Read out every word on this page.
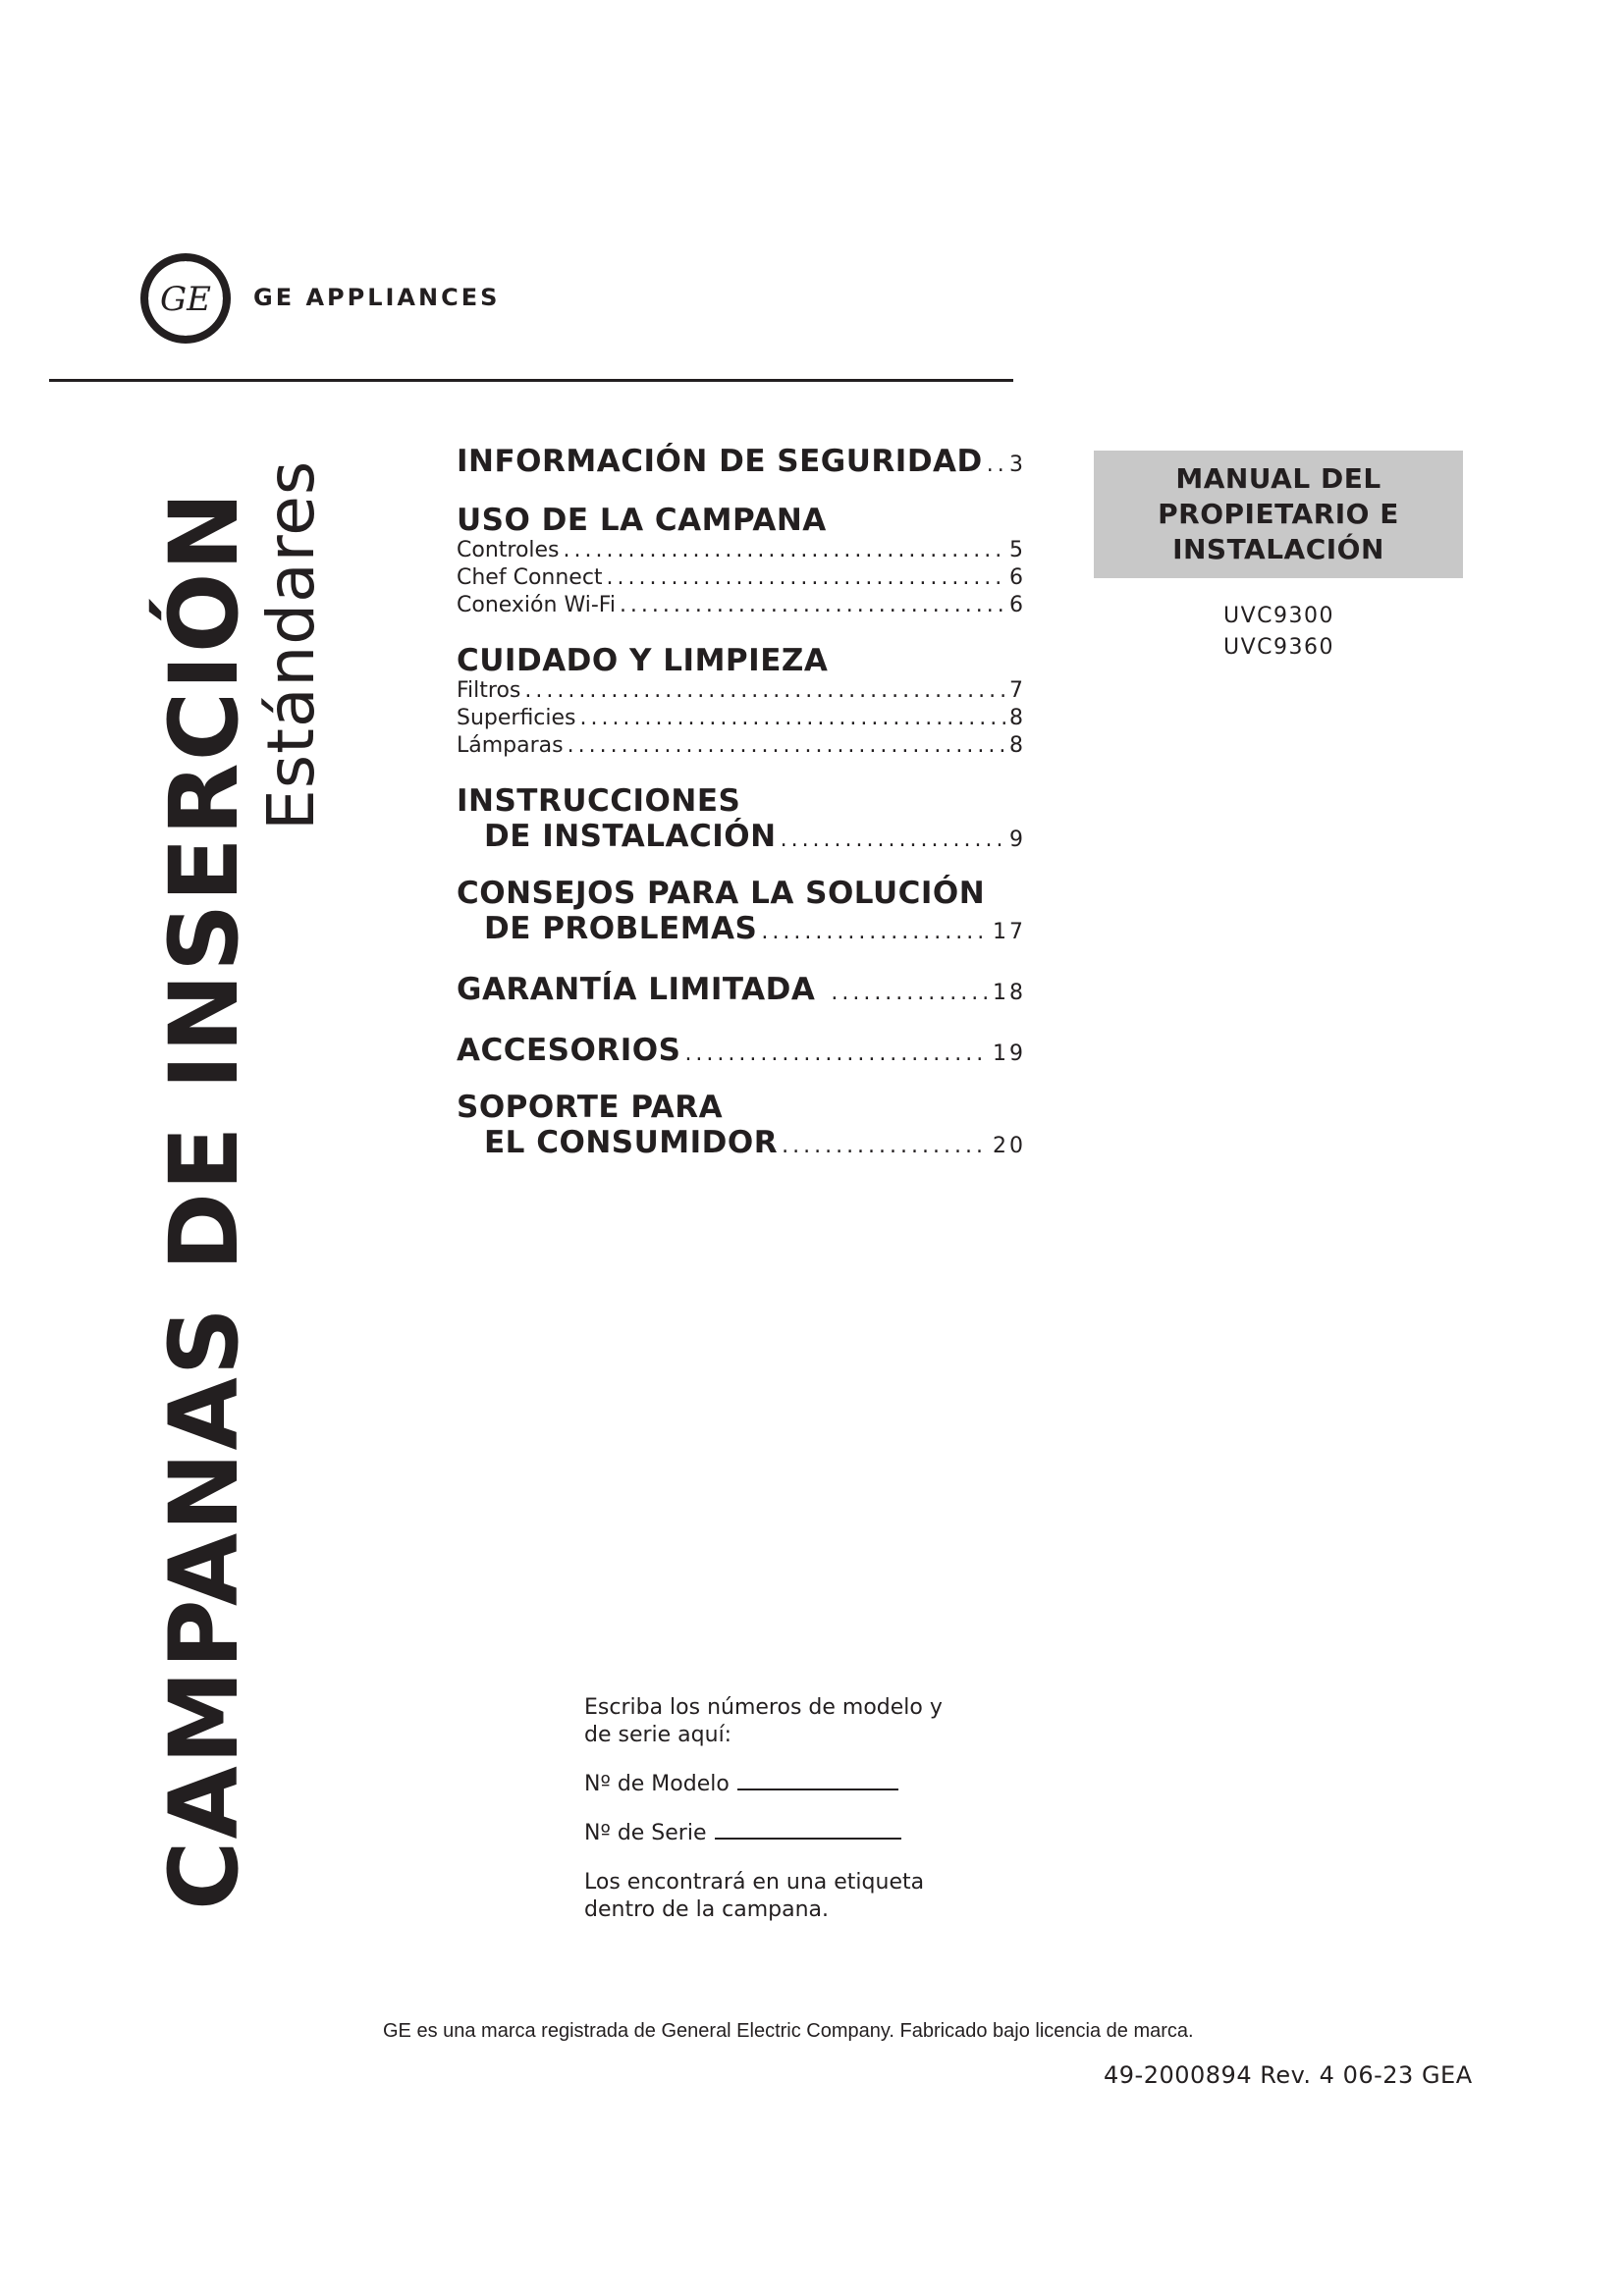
GE GE APPLIANCES
CAMPANAS DE INSERCIÓN
Estándares	INFORMACIÓN DE SEGURIDAD ..... 3
USO DE LA CAMPANA
Controles .....	5
Chef Connect .....	6
Conexión Wi-Fi .....	6
CUIDADO Y LIMPIEZA
Filtros .....	7
Superficies .....	8
Lámparas .....	8
INSTRUCCIONES
DE INSTALACIÓN .....	9
CONSEJOS PARA LA SOLUCIÓN
DE PROBLEMAS .....	17
GARANTÍA LIMITADA .....	18
ACCESORIOS .....	19
SOPORTE PARA
EL CONSUMIDOR .....	20
MANUAL DEL
PROPIETARIO E
INSTALACIÓN
UVC9300
UVC9360

Escriba los números de modelo y

de serie aquí:

Nº de Modelo
Nº de Serie

Los encontrará en una etiqueta

dentro de la campana.

GE es una marca registrada de General Electric Company. Fabricado bajo licencia de marca.
49-2000894 Rev. 4 06-23 GEA
